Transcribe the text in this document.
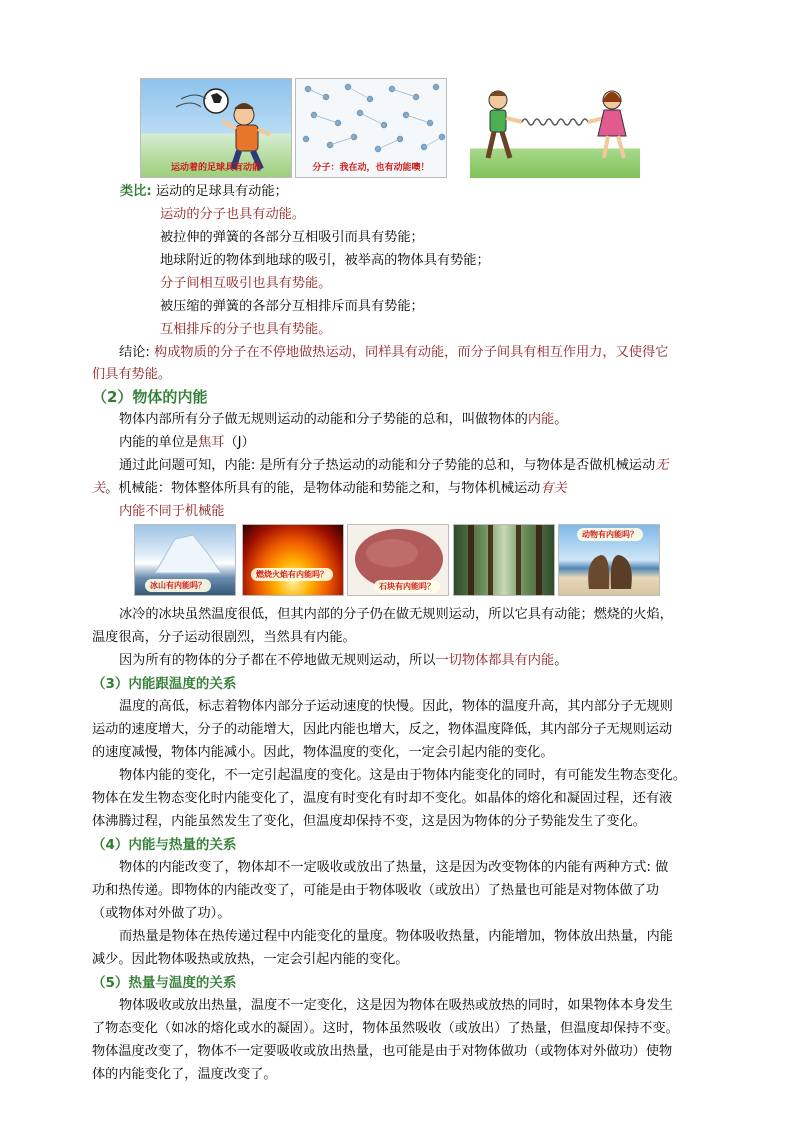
运动着的足球具有动能	分子：我在动，也有动能噢！
类比: 运动的足球具有动能；
运动的分子也具有动能。
被拉伸的弹簧的各部分互相吸引而具有势能；
地球附近的物体到地球的吸引，被举高的物体具有势能；
分子间相互吸引也具有势能。
被压缩的弹簧的各部分互相排斥而具有势能；
互相排斥的分子也具有势能。
结论: 构成物质的分子在不停地做热运动，同样具有动能，而分子间具有相互作用力，又使得它
们具有势能。
（2）物体的内能
物体内部所有分子做无规则运动的动能和分子势能的总和，叫做物体的内能。
内能的单位是焦耳（J）
通过此问题可知，内能: 是所有分子热运动的动能和分子势能的总和，与物体是否做机械运动无
关。机械能：物体整体所具有的能，是物体动能和势能之和，与物体机械运动有关
内能不同于机械能
冰山有内能吗？
燃烧火焰有内能吗？
石块有内能吗？
动物有内能吗？
冰冷的冰块虽然温度很低，但其内部的分子仍在做无规则运动，所以它具有动能；燃烧的火焰，
温度很高，分子运动很剧烈，当然具有内能。
因为所有的物体的分子都在不停地做无规则运动，所以一切物体都具有内能。
（3）内能跟温度的关系
温度的高低，标志着物体内部分子运动速度的快慢。因此，物体的温度升高，其内部分子无规则
运动的速度增大，分子的动能增大，因此内能也增大，反之，物体温度降低，其内部分子无规则运动
的速度减慢，物体内能减小。因此，物体温度的变化，一定会引起内能的变化。
物体内能的变化，不一定引起温度的变化。这是由于物体内能变化的同时，有可能发生物态变化。
物体在发生物态变化时内能变化了，温度有时变化有时却不变化。如晶体的熔化和凝固过程，还有液
体沸腾过程，内能虽然发生了变化，但温度却保持不变，这是因为物体的分子势能发生了变化。
（4）内能与热量的关系
物体的内能改变了，物体却不一定吸收或放出了热量，这是因为改变物体的内能有两种方式: 做
功和热传递。即物体的内能改变了，可能是由于物体吸收（或放出）了热量也可能是对物体做了功
（或物体对外做了功）。
而热量是物体在热传递过程中内能变化的量度。物体吸收热量，内能增加，物体放出热量，内能
减少。因此物体吸热或放热，一定会引起内能的变化。
（5）热量与温度的关系
物体吸收或放出热量，温度不一定变化，这是因为物体在吸热或放热的同时，如果物体本身发生
了物态变化（如冰的熔化或水的凝固）。这时，物体虽然吸收（或放出）了热量，但温度却保持不变。
物体温度改变了，物体不一定要吸收或放出热量，也可能是由于对物体做功（或物体对外做功）使物
体的内能变化了，温度改变了。
